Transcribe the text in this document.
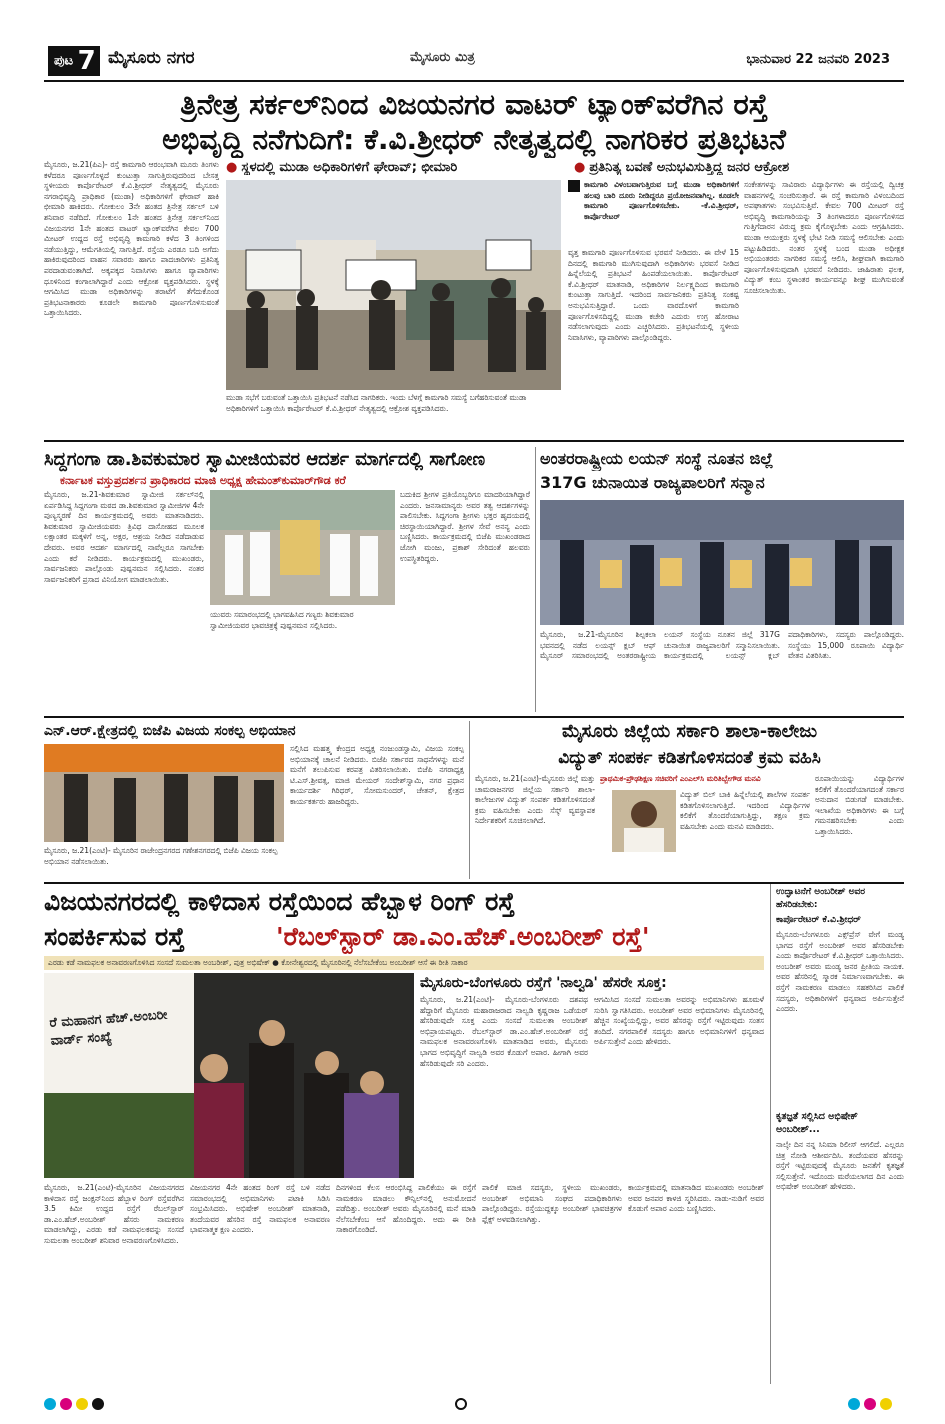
ಪುಟ 7 ಮೈಸೂರು ನಗರ	ಮೈಸೂರು ಮಿತ್ರ	ಭಾನುವಾರ 22 ಜನವರಿ 2023
ತ್ರಿನೇತ್ರ ಸರ್ಕಲ್‌ನಿಂದ ವಿಜಯನಗರ ವಾಟರ್ ಟ್ಯಾಂಕ್‌ವರೆಗಿನ ರಸ್ತೆ
ಅಭಿವೃದ್ಧಿ ನನೆಗುದಿಗೆ: ಕೆ.ವಿ.ಶ್ರೀಧರ್ ನೇತೃತ್ವದಲ್ಲಿ ನಾಗರಿಕರ ಪ್ರತಿಭಟನೆ
ಮೈಸೂರು, ಜ.21(ಪಿಎ)- ರಸ್ತೆ ಕಾಮಗಾರಿ ಆರಂಭವಾಗಿ ಮೂರು ತಿಂಗಳು ಕಳೆದರೂ ಪೂರ್ಣಗೊಳ್ಳದೆ ಕುಂಟುತ್ತಾ ಸಾಗುತ್ತಿರುವುದರಿಂದ ಬೇಸತ್ತ ಸ್ಥಳೀಯರು ಕಾರ್ಪೊರೇಟರ್ ಕೆ.ವಿ.ಶ್ರೀಧರ್ ನೇತೃತ್ವದಲ್ಲಿ ಮೈಸೂರು ನಗರಾಭಿವೃದ್ಧಿ ಪ್ರಾಧಿಕಾರ (ಮುಡಾ) ಅಧಿಕಾರಿಗಳಿಗೆ ಘೇರಾವ್ ಹಾಕಿ ಛೀಮಾರಿ ಹಾಕಿದರು. ಗೋಕುಲಂ 3ನೇ ಹಂತದ ತ್ರಿನೇತ್ರ ಸರ್ಕಲ್ ಬಳಿ ಶನಿವಾರ ನಡೆದಿದೆ. ಗೋಕುಲಂ 1ನೇ ಹಂತದ ತ್ರಿನೇತ್ರ ಸರ್ಕಲ್‌ನಿಂದ ವಿಜಯನಗರ 1ನೇ ಹಂತದ ವಾಟರ್ ಟ್ಯಾಂಕ್‌ವರೆಗಿನ ಕೇವಲ 700 ಮೀಟರ್ ಉದ್ದದ ರಸ್ತೆ ಅಭಿವೃದ್ಧಿ ಕಾಮಗಾರಿ ಕಳೆದ 3 ತಿಂಗಳಿಂದ ನಡೆಯುತ್ತಿದ್ದು, ಆಮೆಗತಿಯಲ್ಲಿ ಸಾಗುತ್ತಿದೆ. ರಸ್ತೆಯ ಎರಡೂ ಬದಿ ಅಗೆದು ಹಾಕಿರುವುದರಿಂದ ವಾಹನ ಸವಾರರು ಹಾಗೂ ಪಾದಚಾರಿಗಳು ಪ್ರತಿನಿತ್ಯ ಪರದಾಡುವಂತಾಗಿದೆ. ಅಕ್ಕಪಕ್ಕದ ನಿವಾಸಿಗಳು ಹಾಗೂ ವ್ಯಾಪಾರಿಗಳು ಧೂಳಿನಿಂದ ಕಂಗಾಲಾಗಿದ್ದಾರೆ ಎಂದು ಆಕ್ರೋಶ ವ್ಯಕ್ತಪಡಿಸಿದರು. ಸ್ಥಳಕ್ಕೆ ಆಗಮಿಸಿದ ಮುಡಾ ಅಧಿಕಾರಿಗಳನ್ನು ತರಾಟೆಗೆ ತೆಗೆದುಕೊಂಡ ಪ್ರತಿಭಟನಾಕಾರರು ಕೂಡಲೇ ಕಾಮಗಾರಿ ಪೂರ್ಣಗೊಳಿಸುವಂತೆ ಒತ್ತಾಯಿಸಿದರು.
● ಸ್ಥಳದಲ್ಲಿ ಮುಡಾ ಅಧಿಕಾರಿಗಳಿಗೆ ಘೇರಾವ್; ಛೀಮಾರಿ
●	ಪ್ರತಿನಿತ್ಯ ಬವಣೆ ಅನುಭವಿಸುತ್ತಿದ್ದ ಜನರ ಆಕ್ರೋಶ
ಮುಡಾ ಸಭೆಗೆ ಬರುವಂತೆ ಒತ್ತಾಯಿಸಿ ಪ್ರತಿಭಟನೆ ನಡೆಸಿದ ನಾಗರಿಕರು. ಇಂದು ಬೆಳಗ್ಗೆ ಕಾಮಗಾರಿ ಸಮಸ್ಯೆ ಬಗೆಹರಿಸುವಂತೆ ಮುಡಾ ಅಧಿಕಾರಿಗಳಿಗೆ ಒತ್ತಾಯಿಸಿ ಕಾರ್ಪೊರೇಟರ್ ಕೆ.ವಿ.ಶ್ರೀಧರ್ ನೇತೃತ್ವದಲ್ಲಿ ಆಕ್ರೋಶ ವ್ಯಕ್ತಪಡಿಸಿದರು.
ಕಾಮಗಾರಿ ವಿಳಂಬವಾಗುತ್ತಿರುವ ಬಗ್ಗೆ ಮುಡಾ ಅಧಿಕಾರಿಗಳಿಗೆ ಹಲವು ಬಾರಿ ದೂರು ನೀಡಿದ್ದರೂ ಪ್ರಯೋಜನವಾಗಿಲ್ಲ. ಕೂಡಲೇ ಕಾಮಗಾರಿ ಪೂರ್ಣಗೊಳಿಸಬೇಕು. -ಕೆ.ವಿ.ಶ್ರೀಧರ್, ಕಾರ್ಪೊರೇಟರ್
ವೃತ್ತ ಕಾಮಗಾರಿ ಪೂರ್ಣಗೊಳಿಸುವ ಭರವಸೆ ನೀಡಿದರು. ಈ ವೇಳೆ 15 ದಿನದಲ್ಲಿ ಕಾಮಗಾರಿ ಮುಗಿಸುವುದಾಗಿ ಅಧಿಕಾರಿಗಳು ಭರವಸೆ ನೀಡಿದ ಹಿನ್ನೆಲೆಯಲ್ಲಿ ಪ್ರತಿಭಟನೆ ಹಿಂಪಡೆಯಲಾಯಿತು. ಕಾರ್ಪೊರೇಟರ್ ಕೆ.ವಿ.ಶ್ರೀಧರ್ ಮಾತನಾಡಿ, ಅಧಿಕಾರಿಗಳ ನಿರ್ಲಕ್ಷ್ಯದಿಂದ ಕಾಮಗಾರಿ ಕುಂಟುತ್ತಾ ಸಾಗುತ್ತಿದೆ. ಇದರಿಂದ ಸಾರ್ವಜನಿಕರು ಪ್ರತಿನಿತ್ಯ ಸಂಕಷ್ಟ ಅನುಭವಿಸುತ್ತಿದ್ದಾರೆ. ಒಂದು ವಾರದೊಳಗೆ ಕಾಮಗಾರಿ ಪೂರ್ಣಗೊಳಿಸದಿದ್ದಲ್ಲಿ ಮುಡಾ ಕಚೇರಿ ಎದುರು ಉಗ್ರ ಹೋರಾಟ ನಡೆಸಲಾಗುವುದು ಎಂದು ಎಚ್ಚರಿಸಿದರು. ಪ್ರತಿಭಟನೆಯಲ್ಲಿ ಸ್ಥಳೀಯ ನಿವಾಸಿಗಳು, ವ್ಯಾಪಾರಿಗಳು ಪಾಲ್ಗೊಂಡಿದ್ದರು.
ಸಂಕೇತಗಳನ್ನು ಸಾವಿರಾರು ವಿದ್ಯಾರ್ಥಿಗಳು ಈ ರಸ್ತೆಯಲ್ಲಿ ದ್ವಿಚಕ್ರ ವಾಹನಗಳಲ್ಲಿ ಸಂಚರಿಸುತ್ತಾರೆ. ಈ ರಸ್ತೆ ಕಾಮಗಾರಿ ವಿಳಂಬದಿಂದ ಅಪಘಾತಗಳು ಸಂಭವಿಸುತ್ತಿವೆ. ಕೇವಲ 700 ಮೀಟರ್ ರಸ್ತೆ ಅಭಿವೃದ್ಧಿ ಕಾಮಗಾರಿಯನ್ನು 3 ತಿಂಗಳಾದರೂ ಪೂರ್ಣಗೊಳಿಸದ ಗುತ್ತಿಗೆದಾರನ ವಿರುದ್ಧ ಕ್ರಮ ಕೈಗೊಳ್ಳಬೇಕು ಎಂದು ಆಗ್ರಹಿಸಿದರು. ಮುಡಾ ಆಯುಕ್ತರು ಸ್ಥಳಕ್ಕೆ ಭೇಟಿ ನೀಡಿ ಸಮಸ್ಯೆ ಆಲಿಸಬೇಕು ಎಂದು ಪಟ್ಟುಹಿಡಿದರು. ನಂತರ ಸ್ಥಳಕ್ಕೆ ಬಂದ ಮುಡಾ ಅಧೀಕ್ಷಕ ಅಭಿಯಂತರರು ನಾಗರಿಕರ ಸಮಸ್ಯೆ ಆಲಿಸಿ, ಶೀಘ್ರವಾಗಿ ಕಾಮಗಾರಿ ಪೂರ್ಣಗೊಳಿಸುವುದಾಗಿ ಭರವಸೆ ನೀಡಿದರು. ಜಾಹಿರಾತು ಫಲಕ, ವಿದ್ಯುತ್ ಕಂಬ ಸ್ಥಳಾಂತರ ಕಾರ್ಯವನ್ನೂ ಶೀಘ್ರ ಮುಗಿಸುವಂತೆ ಸೂಚಿಸಲಾಯಿತು.
ಸಿದ್ದಗಂಗಾ ಡಾ.ಶಿವಕುಮಾರ ಸ್ವಾಮೀಜಿಯವರ ಆದರ್ಶ ಮಾರ್ಗದಲ್ಲಿ ಸಾಗೋಣ
ಕರ್ನಾಟಕ ವಸ್ತುಪ್ರದರ್ಶನ ಪ್ರಾಧಿಕಾರದ ಮಾಜಿ ಅಧ್ಯಕ್ಷ ಹೇಮಂತ್‌ಕುಮಾರ್‌ಗೌಡ ಕರೆ
ಮೈಸೂರು, ಜ.21-ಶಿವಕುಮಾರ ಸ್ವಾಮೀಜಿ ಸರ್ಕಲ್‌ನಲ್ಲಿ ಏರ್ಪಡಿಸಿದ್ದ ಸಿದ್ದಗಂಗಾ ಮಠದ ಡಾ.ಶಿವಕುಮಾರ ಸ್ವಾಮೀಜಿಗಳ 4ನೇ ಪುಣ್ಯಸ್ಮರಣೆ ದಿನ ಕಾರ್ಯಕ್ರಮದಲ್ಲಿ ಅವರು ಮಾತನಾಡಿದರು. ಶಿವಕುಮಾರ ಸ್ವಾಮೀಜಿಯವರು ತ್ರಿವಿಧ ದಾಸೋಹದ ಮೂಲಕ ಲಕ್ಷಾಂತರ ಮಕ್ಕಳಿಗೆ ಅನ್ನ, ಅಕ್ಷರ, ಆಶ್ರಯ ನೀಡಿದ ನಡೆದಾಡುವ ದೇವರು. ಅವರ ಆದರ್ಶ ಮಾರ್ಗದಲ್ಲಿ ನಾವೆಲ್ಲರೂ ಸಾಗಬೇಕು ಎಂದು ಕರೆ ನೀಡಿದರು. ಕಾರ್ಯಕ್ರಮದಲ್ಲಿ ಮುಖಂಡರು, ಸಾರ್ವಜನಿಕರು ಪಾಲ್ಗೊಂಡು ಪುಷ್ಪನಮನ ಸಲ್ಲಿಸಿದರು. ನಂತರ ಸಾರ್ವಜನಿಕರಿಗೆ ಪ್ರಸಾದ ವಿನಿಯೋಗ ಮಾಡಲಾಯಿತು.
ಬದುಕಿದ ಶ್ರೀಗಳ ಪ್ರತಿಯೊಬ್ಬರಿಗೂ ಮಾದರಿಯಾಗಿದ್ದಾರೆ ಎಂದರು. ಜನಸಾಮಾನ್ಯರು ಅವರ ತತ್ವ ಆದರ್ಶಗಳನ್ನು ಪಾಲಿಸಬೇಕು. ಸಿದ್ದಗಂಗಾ ಶ್ರೀಗಳು ಭಕ್ತರ ಹೃದಯದಲ್ಲಿ ಚಿರಸ್ಥಾಯಿಯಾಗಿದ್ದಾರೆ. ಶ್ರೀಗಳ ಸೇವೆ ಅನನ್ಯ ಎಂದು ಬಣ್ಣಿಸಿದರು. ಕಾರ್ಯಕ್ರಮದಲ್ಲಿ ಬಿಜೆಪಿ ಮುಖಂಡರಾದ ಜೋಗಿ ಮಂಜು, ಪ್ರಕಾಶ್ ಸೇರಿದಂತೆ ಹಲವರು ಉಪಸ್ಥಿತರಿದ್ದರು.
ಯುವರು ಸಮಾರಂಭದಲ್ಲಿ ಭಾಗವಹಿಸಿದ ಗಣ್ಯರು ಶಿವಕುಮಾರ ಸ್ವಾಮೀಜಿಯವರ ಭಾವಚಿತ್ರಕ್ಕೆ ಪುಷ್ಪನಮನ ಸಲ್ಲಿಸಿದರು.
ಅಂತರರಾಷ್ಟ್ರೀಯ ಲಯನ್ ಸಂಸ್ಥೆ ನೂತನ ಜಿಲ್ಲೆ
317G ಚುನಾಯಿತ ರಾಜ್ಯಪಾಲರಿಗೆ ಸನ್ಮಾನ
ಮೈಸೂರು, ಜ.21-ಮೈಸೂರಿನ ಶಿಲ್ಪಕಲಾ ಭವನದಲ್ಲಿ ನಡೆದ ಲಯನ್ಸ್ ಕ್ಲಬ್ ಆಫ್ ಮೈಸೂರ್ ಸಮಾರಂಭದಲ್ಲಿ ಅಂತರರಾಷ್ಟ್ರೀಯ ಲಯನ್ ಸಂಸ್ಥೆಯ ನೂತನ ಜಿಲ್ಲೆ 317G ಚುನಾಯಿತ ರಾಜ್ಯಪಾಲರಿಗೆ ಸನ್ಮಾನಿಸಲಾಯಿತು. ಕಾರ್ಯಕ್ರಮದಲ್ಲಿ ಲಯನ್ಸ್ ಕ್ಲಬ್ ಪದಾಧಿಕಾರಿಗಳು, ಸದಸ್ಯರು ಪಾಲ್ಗೊಂಡಿದ್ದರು. ಸಂಸ್ಥೆಯು 15,000 ರೂಪಾಯಿ ವಿದ್ಯಾರ್ಥಿ ವೇತನ ವಿತರಿಸಿತು.
ಎನ್.ಆರ್.ಕ್ಷೇತ್ರದಲ್ಲಿ ಬಿಜೆಪಿ ವಿಜಯ ಸಂಕಲ್ಪ ಅಭಿಯಾನ
ಮೈಸೂರು, ಜ.21(ಎಂಟಿ)- ಮೈಸೂರಿನ ರಾಜೇಂದ್ರನಗರದ ಗಣೇಶನಗರದಲ್ಲಿ ಬಿಜೆಪಿ ವಿಜಯ ಸಂಕಲ್ಪ ಅಭಿಯಾನ ನಡೆಸಲಾಯಿತು.
ಸಲ್ಲಿಸಿದ ಮಹತ್ತ್ವ ಕೇಂದ್ರದ ಅಧ್ಯಕ್ಷ ನಂಜುಂಡಸ್ವಾಮಿ, ವಿಜಯ ಸಂಕಲ್ಪ ಅಭಿಯಾನಕ್ಕೆ ಚಾಲನೆ ನೀಡಿದರು. ಬಿಜೆಪಿ ಸರ್ಕಾರದ ಸಾಧನೆಗಳನ್ನು ಮನೆ ಮನೆಗೆ ತಲುಪಿಸುವ ಕರಪತ್ರ ವಿತರಿಸಲಾಯಿತು. ಬಿಜೆಪಿ ನಗರಾಧ್ಯಕ್ಷ ಟಿ.ಎಸ್.ಶ್ರೀವತ್ಸ, ಮಾಜಿ ಮೇಯರ್ ಸಂದೇಶ್‌ಸ್ವಾಮಿ, ನಗರ ಪ್ರಧಾನ ಕಾರ್ಯದರ್ಶಿ ಗಿರಿಧರ್, ಸೋಮಸುಂದರ್, ಚೇತನ್, ಕ್ಷೇತ್ರದ ಕಾರ್ಯಕರ್ತರು ಹಾಜರಿದ್ದರು.
ಮೈಸೂರು ಜಿಲ್ಲೆಯ ಸರ್ಕಾರಿ ಶಾಲಾ-ಕಾಲೇಜು
ವಿದ್ಯುತ್ ಸಂಪರ್ಕ ಕಡಿತಗೊಳಿಸದಂತೆ ಕ್ರಮ ವಹಿಸಿ
ಮೈಸೂರು, ಜ.21(ಎಂಟಿ)-ಮೈಸೂರು ಜಿಲ್ಲೆ ಮತ್ತು ಚಾಮರಾಜನಗರ ಜಿಲ್ಲೆಯ ಸರ್ಕಾರಿ ಶಾಲಾ-ಕಾಲೇಜುಗಳ ವಿದ್ಯುತ್ ಸಂಪರ್ಕ ಕಡಿತಗೊಳಿಸದಂತೆ ಕ್ರಮ ವಹಿಸಬೇಕು ಎಂದು ಸೆಸ್ಕ್ ವ್ಯವಸ್ಥಾಪಕ ನಿರ್ದೇಶಕರಿಗೆ ಸೂಚಿಸಲಾಗಿದೆ.
ಪ್ರಾಥಮಿಕ-ಪ್ರೌಢಶಿಕ್ಷಣ ಸಚಿವರಿಗೆ ಎಂಎಲ್‌ಸಿ ಮರಿತಿಬ್ಬೇಗೌಡ ಮನವಿ
ವಿದ್ಯುತ್ ಬಿಲ್ ಬಾಕಿ ಹಿನ್ನೆಲೆಯಲ್ಲಿ ಶಾಲೆಗಳ ಸಂಪರ್ಕ ಕಡಿತಗೊಳಿಸಲಾಗುತ್ತಿದೆ. ಇದರಿಂದ ವಿದ್ಯಾರ್ಥಿಗಳ ಕಲಿಕೆಗೆ ತೊಂದರೆಯಾಗುತ್ತಿದ್ದು, ತಕ್ಷಣ ಕ್ರಮ ವಹಿಸಬೇಕು ಎಂದು ಮನವಿ ಮಾಡಿದರು.
ರೂಪಾಯಿಯನ್ನು ವಿದ್ಯಾರ್ಥಿಗಳ ಕಲಿಕೆಗೆ ತೊಂದರೆಯಾಗದಂತೆ ಸರ್ಕಾರ ಅನುದಾನ ಬಿಡುಗಡೆ ಮಾಡಬೇಕು. ಇಲಾಖೆಯ ಅಧಿಕಾರಿಗಳು ಈ ಬಗ್ಗೆ ಗಮನಹರಿಸಬೇಕು ಎಂದು ಒತ್ತಾಯಿಸಿದರು.
ವಿಜಯನಗರದಲ್ಲಿ ಕಾಳಿದಾಸ ರಸ್ತೆಯಿಂದ ಹೆಬ್ಬಾಳ ರಿಂಗ್ ರಸ್ತೆ
ಸಂಪರ್ಕಿಸುವ ರಸ್ತೆ	'ರೆಬಲ್‌ಸ್ಟಾರ್ ಡಾ.ಎಂ.ಹೆಚ್.ಅಂಬರೀಶ್ ರಸ್ತೆ'
ಎರಡು ಕಡೆ ನಾಮಫಲಕ ಅನಾವರಣಗೊಳಿಸಿದ ಸಂಸದೆ ಸುಮಲತಾ ಅಂಬರೀಶ್, ಪುತ್ರ ಅಭಿಷೇಕ್ ● ಕೋನೇಶ್ವರದಲ್ಲಿ ಮೈಸೂರಿನಲ್ಲಿ ನೆಲೆಸಬೇಕೆಂಬ ಅಂಬರೀಶ್ ಆಸೆ ಈ ರೀತಿ ಸಾಕಾರ
ರೆ ಮಹಾನಗ ಹೆಚ್.ಅಂಬರೀ ವಾರ್ಡ್ ಸಂಖ್ಯೆ
ಮೈಸೂರು-ಬೆಂಗಳೂರು ರಸ್ತೆಗೆ 'ನಾಲ್ವಡಿ' ಹೆಸರೇ ಸೂಕ್ತ:
ಮೈಸೂರು, ಜ.21(ಎಂಟಿ)- ಮೈಸೂರು-ಬೆಂಗಳೂರು ದಶಪಥ ಹೆದ್ದಾರಿಗೆ ಮೈಸೂರು ಮಹಾರಾಜರಾದ ನಾಲ್ವಡಿ ಕೃಷ್ಣರಾಜ ಒಡೆಯರ್ ಹೆಸರಿಡುವುದೇ ಸೂಕ್ತ ಎಂದು ಸಂಸದೆ ಸುಮಲತಾ ಅಂಬರೀಶ್ ಅಭಿಪ್ರಾಯಪಟ್ಟರು. ರೆಬಲ್‌ಸ್ಟಾರ್ ಡಾ.ಎಂ.ಹೆಚ್.ಅಂಬರೀಶ್ ರಸ್ತೆ ನಾಮಫಲಕ ಅನಾವರಣಗೊಳಿಸಿ ಮಾತನಾಡಿದ ಅವರು, ಮೈಸೂರು ಭಾಗದ ಅಭಿವೃದ್ಧಿಗೆ ನಾಲ್ವಡಿ ಅವರ ಕೊಡುಗೆ ಅಪಾರ. ಹೀಗಾಗಿ ಅವರ ಹೆಸರಿಡುವುದೇ ಸರಿ ಎಂದರು.
ಆಗಮಿಸಿದ ಸಂಸದೆ ಸುಮಲತಾ ಅವರನ್ನು ಅಭಿಮಾನಿಗಳು ಹೂಮಳೆ ಸುರಿಸಿ ಸ್ವಾಗತಿಸಿದರು. ಅಂಬರೀಶ್ ಅವರ ಅಭಿಮಾನಿಗಳು ಮೈಸೂರಿನಲ್ಲಿ ಹೆಚ್ಚಿನ ಸಂಖ್ಯೆಯಲ್ಲಿದ್ದು, ಅವರ ಹೆಸರನ್ನು ರಸ್ತೆಗೆ ಇಟ್ಟಿರುವುದು ಸಂತಸ ತಂದಿದೆ. ನಗರಪಾಲಿಕೆ ಸದಸ್ಯರು ಹಾಗೂ ಅಭಿಮಾನಿಗಳಿಗೆ ಧನ್ಯವಾದ ಅರ್ಪಿಸುತ್ತೇನೆ ಎಂದು ಹೇಳಿದರು.
ಮೈಸೂರು, ಜ.21(ಎಂಟಿ)-ಮೈಸೂರಿನ ವಿಜಯನಗರದ ಕಾಳಿದಾಸ ರಸ್ತೆ ಜಂಕ್ಷನ್‌ನಿಂದ ಹೆಬ್ಬಾಳ ರಿಂಗ್ ರಸ್ತೆವರೆಗಿನ 3.5 ಕಿಮೀ ಉದ್ದದ ರಸ್ತೆಗೆ ರೆಬಲ್‌ಸ್ಟಾರ್ ಡಾ.ಎಂ.ಹೆಚ್.ಅಂಬರೀಶ್ ಹೆಸರು ನಾಮಕರಣ ಮಾಡಲಾಗಿದ್ದು, ಎರಡು ಕಡೆ ನಾಮಫಲಕವನ್ನು ಸಂಸದೆ ಸುಮಲತಾ ಅಂಬರೀಶ್ ಶನಿವಾರ ಅನಾವರಣಗೊಳಿಸಿದರು.
ವಿಜಯನಗರ 4ನೇ ಹಂತದ ರಿಂಗ್ ರಸ್ತೆ ಬಳಿ ನಡೆದ ಸಮಾರಂಭದಲ್ಲಿ ಅಭಿಮಾನಿಗಳು ಪಟಾಕಿ ಸಿಡಿಸಿ ಸಂಭ್ರಮಿಸಿದರು. ಅಭಿಷೇಕ್ ಅಂಬರೀಶ್ ಮಾತನಾಡಿ, ತಂದೆಯವರ ಹೆಸರಿನ ರಸ್ತೆ ನಾಮಫಲಕ ಅನಾವರಣ ಭಾವನಾತ್ಮಕ ಕ್ಷಣ ಎಂದರು.
ದಿನಗಳಿಂದ ಕೆಲಸ ಆರಂಭಿಸಿದ್ದ ಪಾಲಿಕೆಯು ಈ ರಸ್ತೆಗೆ ನಾಮಕರಣ ಮಾಡಲು ಕೌನ್ಸಿಲ್‌ನಲ್ಲಿ ಅನುಮೋದನೆ ಪಡೆದಿತ್ತು. ಅಂಬರೀಶ್ ಅವರು ಮೈಸೂರಿನಲ್ಲಿ ಮನೆ ಮಾಡಿ ನೆಲೆಸಬೇಕೆಂಬ ಆಸೆ ಹೊಂದಿದ್ದರು. ಅದು ಈ ರೀತಿ ಸಾಕಾರಗೊಂಡಿದೆ.
ಪಾಲಿಕೆ ಮಾಜಿ ಸದಸ್ಯರು, ಸ್ಥಳೀಯ ಮುಖಂಡರು, ಅಂಬರೀಶ್ ಅಭಿಮಾನಿ ಸಂಘದ ಪದಾಧಿಕಾರಿಗಳು ಪಾಲ್ಗೊಂಡಿದ್ದರು. ರಸ್ತೆಯುದ್ದಕ್ಕೂ ಅಂಬರೀಶ್ ಭಾವಚಿತ್ರಗಳ ಫ್ಲೆಕ್ಸ್ ಅಳವಡಿಸಲಾಗಿತ್ತು.
ಕಾರ್ಯಕ್ರಮದಲ್ಲಿ ಮಾತನಾಡಿದ ಮುಖಂಡರು ಅಂಬರೀಶ್ ಅವರ ಜನಪರ ಕಾಳಜಿ ಸ್ಮರಿಸಿದರು. ನಾಡು-ನುಡಿಗೆ ಅವರ ಕೊಡುಗೆ ಅಪಾರ ಎಂದು ಬಣ್ಣಿಸಿದರು.
ಉದ್ಘಾಟನೆಗೆ ಅಂಬರೀಶ್ ಅವರ ಹೆಸರಿಡಬೇಕು:
ಕಾರ್ಪೊರೇಟರ್ ಕೆ.ವಿ.ಶ್ರೀಧರ್
ಮೈಸೂರು-ಬೆಂಗಳೂರು ಎಕ್ಸ್‌ಪ್ರೆಸ್ ವೇಗೆ ಮಂಡ್ಯ ಭಾಗದ ರಸ್ತೆಗೆ ಅಂಬರೀಶ್ ಅವರ ಹೆಸರಿಡಬೇಕು ಎಂದು ಕಾರ್ಪೊರೇಟರ್ ಕೆ.ವಿ.ಶ್ರೀಧರ್ ಒತ್ತಾಯಿಸಿದರು. ಅಂಬರೀಶ್ ಅವರು ಮಂಡ್ಯ ಜನರ ಪ್ರೀತಿಯ ನಾಯಕ. ಅವರ ಹೆಸರಿನಲ್ಲಿ ಸ್ಮಾರಕ ನಿರ್ಮಾಣವಾಗಬೇಕು. ಈ ರಸ್ತೆಗೆ ನಾಮಕರಣ ಮಾಡಲು ಸಹಕರಿಸಿದ ಪಾಲಿಕೆ ಸದಸ್ಯರು, ಅಧಿಕಾರಿಗಳಿಗೆ ಧನ್ಯವಾದ ಅರ್ಪಿಸುತ್ತೇನೆ ಎಂದರು.
ಕೃತಜ್ಞತೆ ಸಲ್ಲಿಸಿದ ಅಭಿಷೇಕ್ ಅಂಬರೀಶ್...
ನಾಲ್ಕೇ ದಿನ ನನ್ನ ಸಿನಿಮಾ ರಿಲೀಸ್ ಆಗಲಿದೆ. ಎಲ್ಲರೂ ಚಿತ್ರ ನೋಡಿ ಆಶೀರ್ವದಿಸಿ. ತಂದೆಯವರ ಹೆಸರನ್ನು ರಸ್ತೆಗೆ ಇಟ್ಟಿರುವುದಕ್ಕೆ ಮೈಸೂರು ಜನತೆಗೆ ಕೃತಜ್ಞತೆ ಸಲ್ಲಿಸುತ್ತೇನೆ. ಇದೊಂದು ಮರೆಯಲಾಗದ ದಿನ ಎಂದು ಅಭಿಷೇಕ್ ಅಂಬರೀಶ್ ಹೇಳಿದರು.
